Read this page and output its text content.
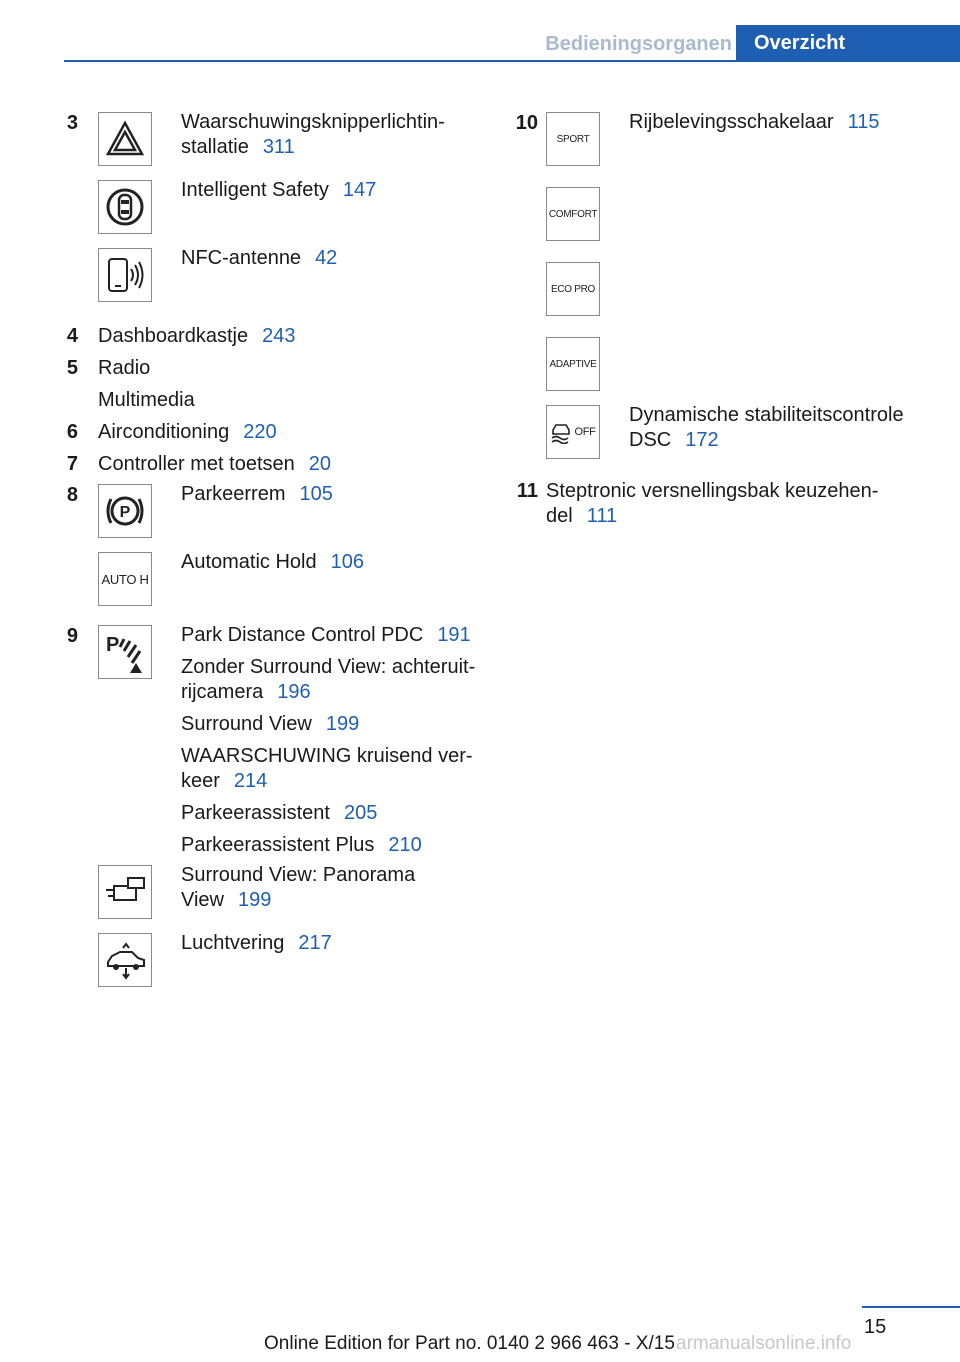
Bedieningsorganen	Overzicht
3	Waarschuwingsknipperlichtin-
stallatie 311
Intelligent Safety 147
NFC-antenne 42
4 Dashboardkastje 243
5 Radio
Multimedia
6 Airconditioning 220
7 Controller met toetsen 20
8
P
Parkeerrem 105
AUTO H
Automatic Hold 106
9 P	Park Distance Control PDC 191
Zonder Surround View: achteruit-
rijcamera 196
Surround View 199
WAARSCHUWING kruisend ver-
keer 214
Parkeerassistent 205
Parkeerassistent Plus 210
Surround View: Panorama
View 199
Luchtvering 217
10
SPORT
Rijbelevingsschakelaar 115
COMFORT
ECO PRO
ADAPTIVE
OFF
Dynamische stabiliteitscontrole
DSC 172
11 Steptronic versnellingsbak keuzehen-
del 111
15
Online Edition for Part no. 0140 2 966 463 - X/15 armanualsonline.info
